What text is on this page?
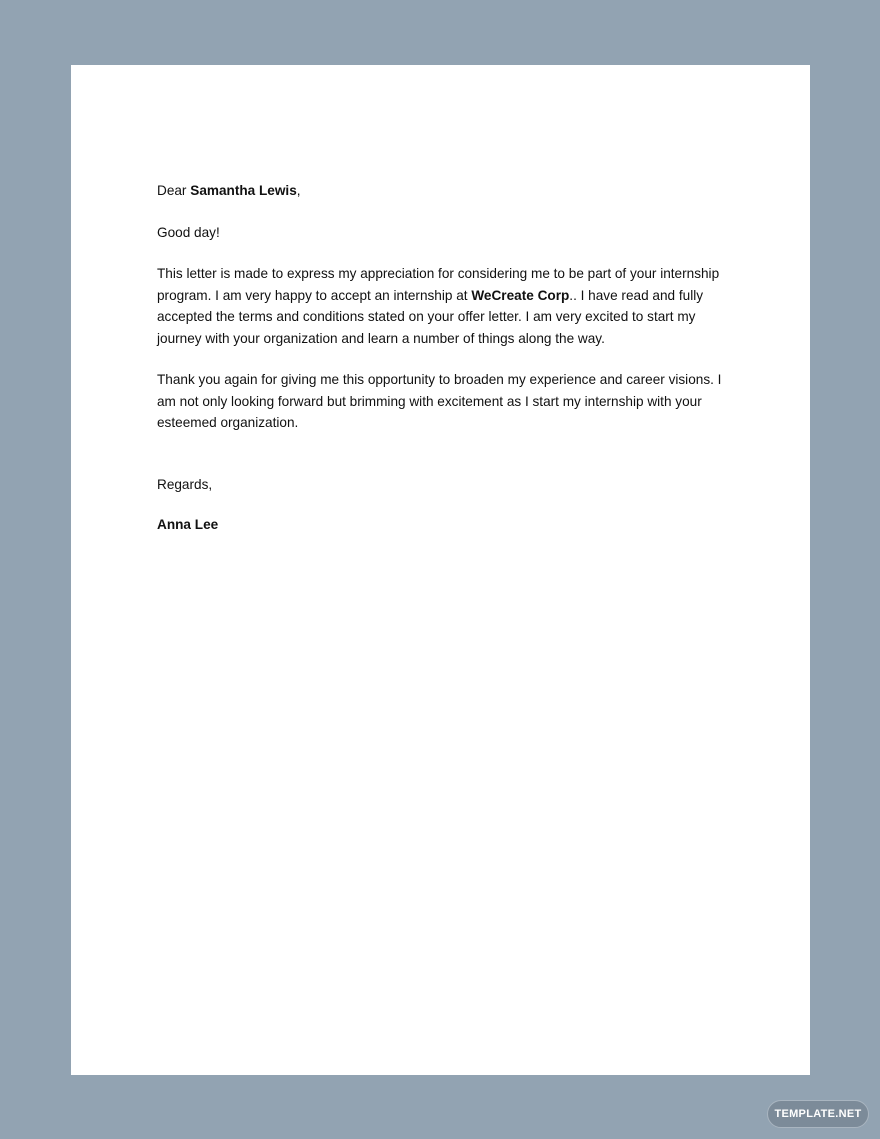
Dear Samantha Lewis,

Good day!

This letter is made to express my appreciation for considering me to be part of your internship program. I am very happy to accept an internship at WeCreate Corp.. I have read and fully accepted the terms and conditions stated on your offer letter. I am very excited to start my journey with your organization and learn a number of things along the way.

Thank you again for giving me this opportunity to broaden my experience and career visions. I am not only looking forward but brimming with excitement as I start my internship with your esteemed organization.

Regards,

Anna Lee

TEMPLATE.NET
